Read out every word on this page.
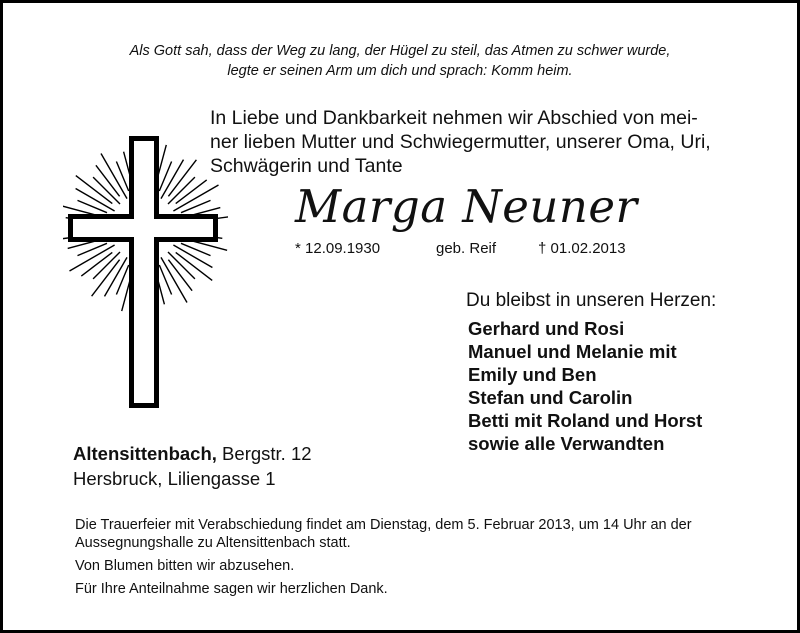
Als Gott sah, dass der Weg zu lang, der Hügel zu steil, das Atmen zu schwer wurde,
legte er seinen Arm um dich und sprach: Komm heim.
In Liebe und Dankbarkeit nehmen wir Abschied von mei-
ner lieben Mutter und Schwiegermutter, unserer Oma, Uri,
Schwägerin und Tante
Marga Neuner
* 12.09.1930	geb. Reif	† 01.02.2013
Du bleibst in unseren Herzen:
Gerhard und Rosi
Manuel und Melanie mit
Emily und Ben
Stefan und Carolin
Betti mit Roland und Horst
sowie alle Verwandten
Altensittenbach, Bergstr. 12
Hersbruck, Liliengasse 1

Die Trauerfeier mit Verabschiedung findet am Dienstag, dem 5. Februar 2013, um 14 Uhr an der Aussegnungshalle zu Altensittenbach statt.

Von Blumen bitten wir abzusehen.

Für Ihre Anteilnahme sagen wir herzlichen Dank.
